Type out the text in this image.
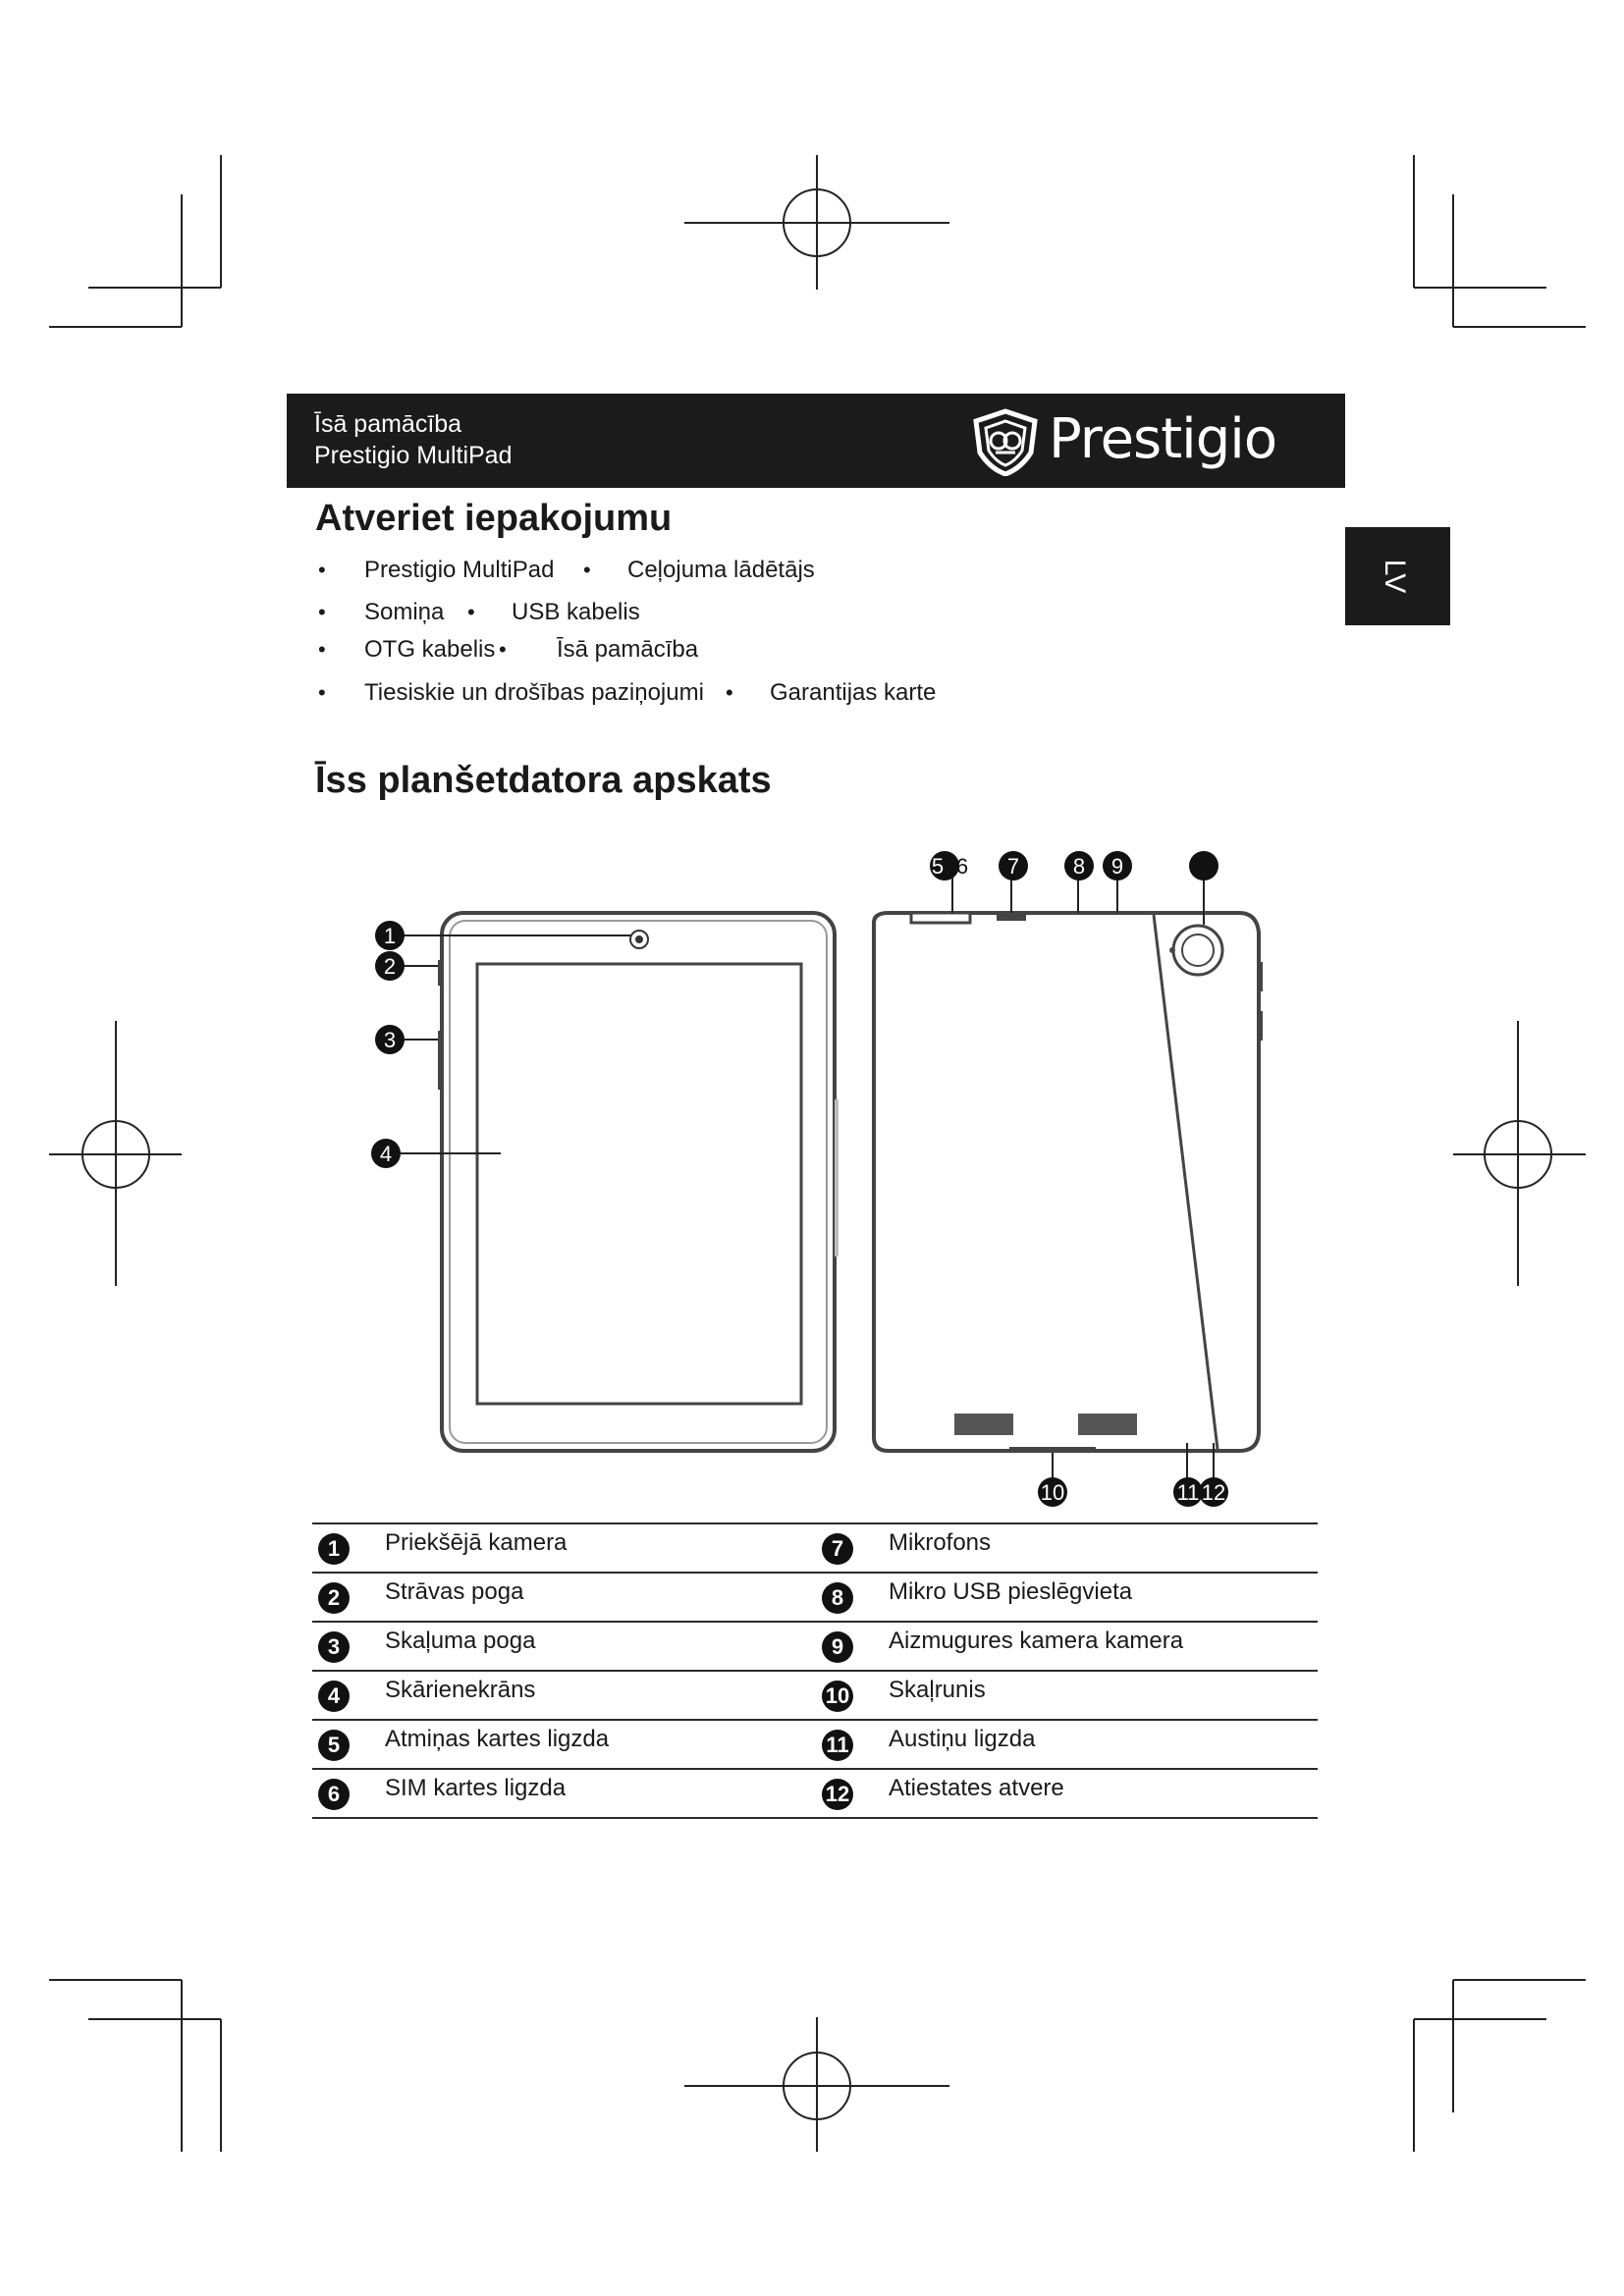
Īsā pamācība
Prestigio MultiPad	Prestigio
LV
Atveriet iepakojumu
• Prestigio MultiPad • Ceļojuma lādētājs
• Somiņa • USB kabelis
• OTG kabelis • Īsā pamācība
• Tiesiskie un drošības paziņojumi • Garantijas karte
Īss planšetdatora apskats
1
2
3
4
5 6 7 8 9
10	11 12
1	Priekšējā kamera	7	Mikrofons
2	Strāvas poga	8	Mikro USB pieslēgvieta
3	Skaļuma poga	9	Aizmugures kamera kamera
4	Skārienekrāns	10 Skaļrunis
5	Atmiņas kartes ligzda	11 Austiņu ligzda
6	SIM kartes ligzda	12 Atiestates atvere
